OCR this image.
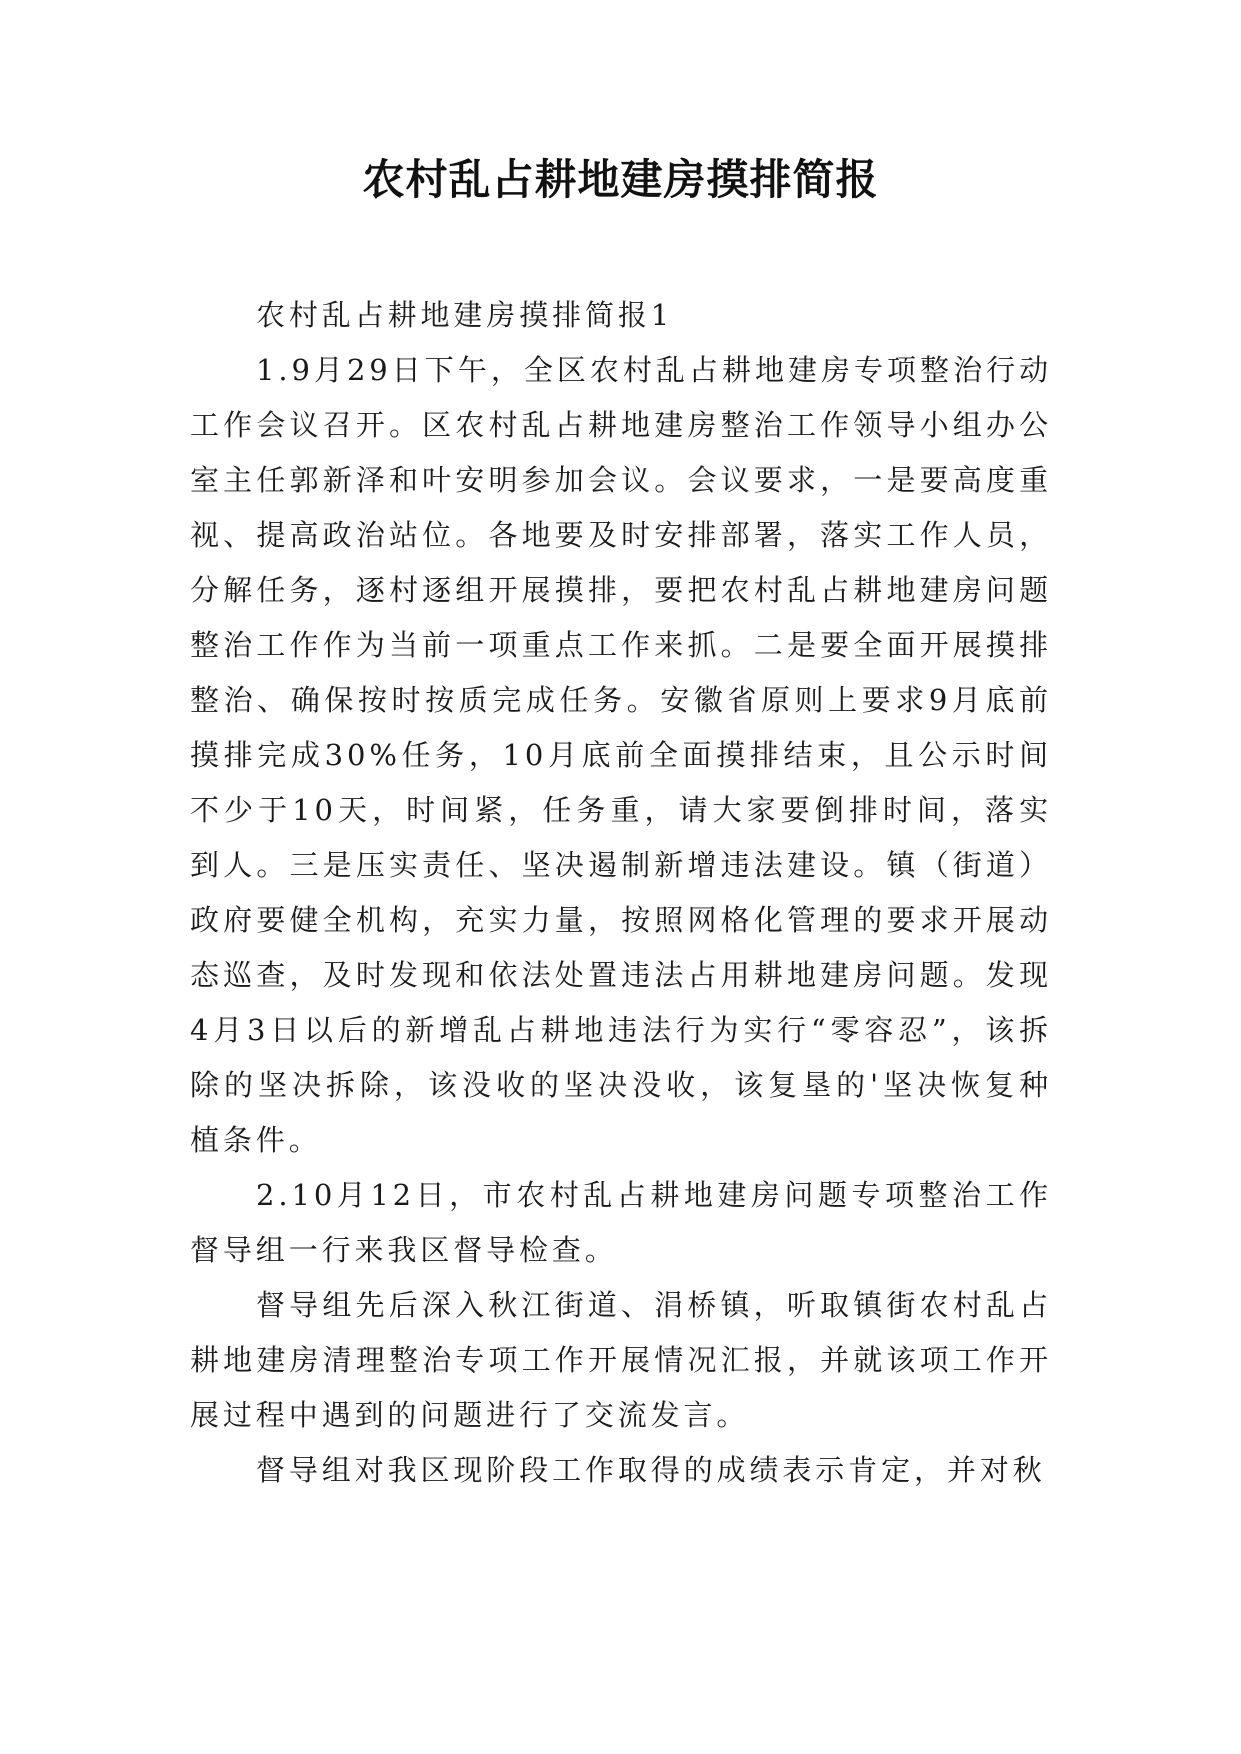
农村乱占耕地建房摸排简报

农村乱占耕地建房摸排简报1

1.9月29日下午，全区农村乱占耕地建房专项整治行动工作会议召开。区农村乱占耕地建房整治工作领导小组办公室主任郭新泽和叶安明参加会议。会议要求，一是要高度重视、提高政治站位。各地要及时安排部署，落实工作人员，分解任务，逐村逐组开展摸排，要把农村乱占耕地建房问题整治工作作为当前一项重点工作来抓。二是要全面开展摸排整治、确保按时按质完成任务。安徽省原则上要求9月底前摸排完成30%任务，10月底前全面摸排结束，且公示时间不少于10天，时间紧，任务重，请大家要倒排时间，落实到人。三是压实责任、坚决遏制新增违法建设。镇（街道）政府要健全机构，充实力量，按照网格化管理的要求开展动态巡查，及时发现和依法处置违法占用耕地建房问题。发现4月3日以后的新增乱占耕地违法行为实行“零容忍”，该拆除的坚决拆除，该没收的坚决没收，该复垦的'坚决恢复种植条件。

2.10月12日，市农村乱占耕地建房问题专项整治工作督导组一行来我区督导检查。

督导组先后深入秋江街道、涓桥镇，听取镇街农村乱占耕地建房清理整治专项工作开展情况汇报，并就该项工作开展过程中遇到的问题进行了交流发言。

督导组对我区现阶段工作取得的成绩表示肯定，并对秋
